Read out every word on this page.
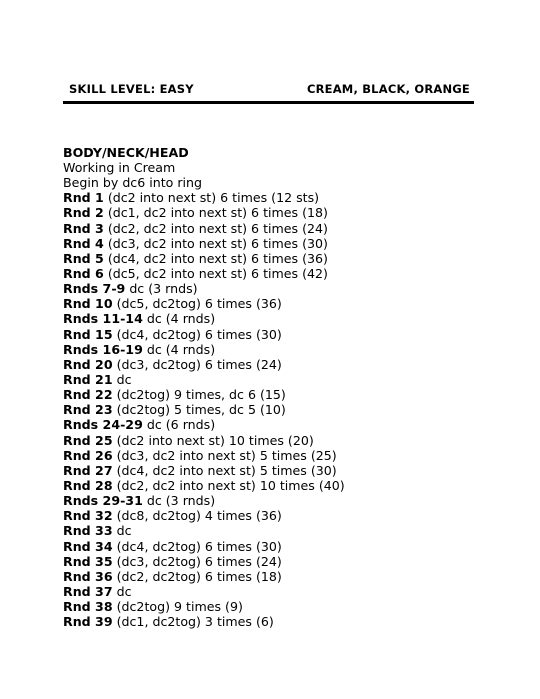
SKILL LEVEL: EASY	CREAM, BLACK, ORANGE
BODY/NECK/HEAD
Working in Cream
Begin by dc6 into ring
Rnd 1 (dc2 into next st) 6 times (12 sts)
Rnd 2 (dc1, dc2 into next st) 6 times (18)
Rnd 3 (dc2, dc2 into next st) 6 times (24)
Rnd 4 (dc3, dc2 into next st) 6 times (30)
Rnd 5 (dc4, dc2 into next st) 6 times (36)
Rnd 6 (dc5, dc2 into next st) 6 times (42)
Rnds 7-9 dc (3 rnds)
Rnd 10 (dc5, dc2tog) 6 times (36)
Rnds 11-14 dc (4 rnds)
Rnd 15 (dc4, dc2tog) 6 times (30)
Rnds 16-19 dc (4 rnds)
Rnd 20 (dc3, dc2tog) 6 times (24)
Rnd 21 dc
Rnd 22 (dc2tog) 9 times, dc 6 (15)
Rnd 23 (dc2tog) 5 times, dc 5 (10)
Rnds 24-29 dc (6 rnds)
Rnd 25 (dc2 into next st) 10 times (20)
Rnd 26 (dc3, dc2 into next st) 5 times (25)
Rnd 27 (dc4, dc2 into next st) 5 times (30)
Rnd 28 (dc2, dc2 into next st) 10 times (40)
Rnds 29-31 dc (3 rnds)
Rnd 32 (dc8, dc2tog) 4 times (36)
Rnd 33 dc
Rnd 34 (dc4, dc2tog) 6 times (30)
Rnd 35 (dc3, dc2tog) 6 times (24)
Rnd 36 (dc2, dc2tog) 6 times (18)
Rnd 37 dc
Rnd 38 (dc2tog) 9 times (9)
Rnd 39 (dc1, dc2tog) 3 times (6)
